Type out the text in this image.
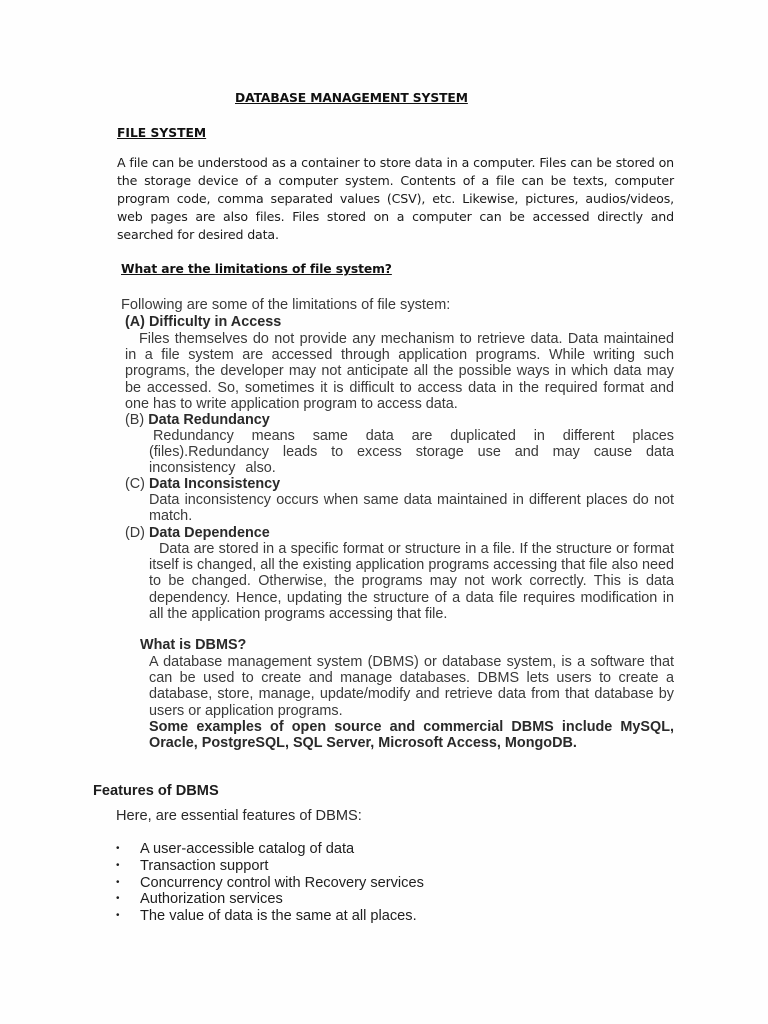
DATABASE MANAGEMENT SYSTEM
FILE SYSTEM

A file can be understood as a container to store data in a computer. Files can be stored on the storage device of a computer system. Contents of a file can be texts, computer program code, comma separated values (CSV), etc. Likewise, pictures, audios/videos, web pages are also files. Files stored on a computer can be accessed directly and searched for desired data.

What are the limitations of file system?
Following are some of the limitations of file system:
(A) Difficulty in Access

Files themselves do not provide any mechanism to retrieve data. Data maintained in a file system are accessed through application programs. While writing such programs, the developer may not anticipate all the possible ways in which data may be accessed. So, sometimes it is difficult to access data in the required format and one has to write application program to access data.

(B) Data Redundancy

Redundancy means same data are duplicated in different places (files).Redundancy leads to excess storage use and may cause data inconsistency also.

(C) Data Inconsistency

Data inconsistency occurs when same data maintained in different places do not match.

(D) Data Dependence

Data are stored in a specific format or structure in a file. If the structure or format itself is changed, all the existing application programs accessing that file also need to be changed. Otherwise, the programs may not work correctly. This is data dependency. Hence, updating the structure of a data file requires modification in all the application programs accessing that file.

What is DBMS?

A database management system (DBMS) or database system, is a software that can be used to create and manage databases. DBMS lets users to create a database, store, manage, update/modify and retrieve data from that database by users or application programs.

Some examples of open source and commercial DBMS include MySQL, Oracle, PostgreSQL, SQL Server, Microsoft Access, MongoDB.

Features of DBMS
Here, are essential features of DBMS:
• A user-accessible catalog of data
• Transaction support
• Concurrency control with Recovery services
• Authorization services
• The value of data is the same at all places.
